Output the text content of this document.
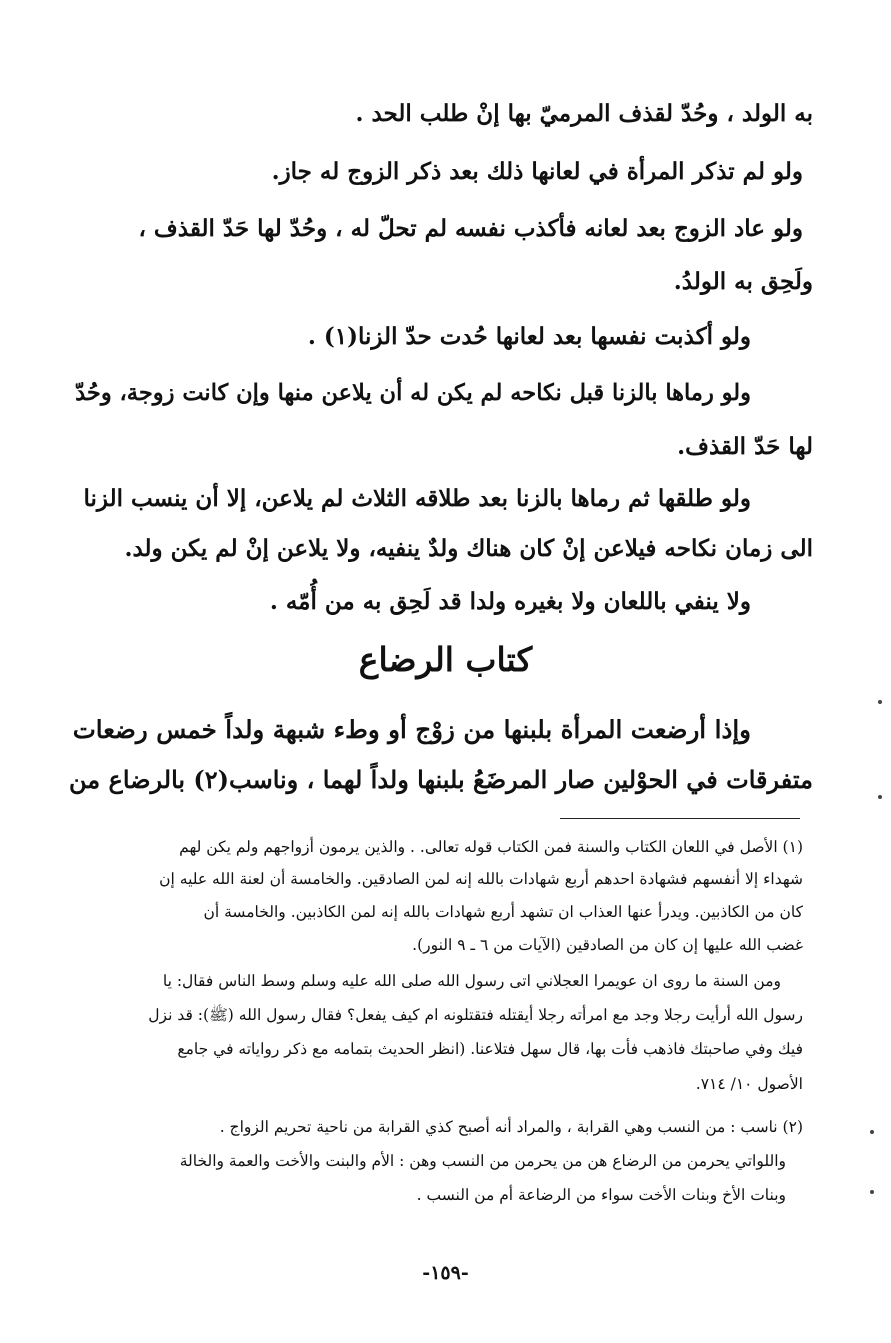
به الولد ، وحُدّ لقذف المرميّ بها إنْ طلب الحد .
ولو لم تذكر المرأة في لعانها ذلك بعد ذكر الزوج له جاز.
ولو عاد الزوج بعد لعانه فأكذب نفسه لم تحلّ له ، وحُدّ لها حَدّ القذف ،
ولَحِق به الولدُ.
ولو أكذبت نفسها بعد لعانها حُدت حدّ الزنا(١) .
ولو رماها بالزنا قبل نكاحه لم يكن له أن يلاعن منها وإن كانت زوجة، وحُدّ
لها حَدّ القذف.
ولو طلقها ثم رماها بالزنا بعد طلاقه الثلاث لم يلاعن، إلا أن ينسب الزنا
الى زمان نكاحه فيلاعن إنْ كان هناك ولدٌ ينفيه، ولا يلاعن إنْ لم يكن ولد.
ولا ينفي باللعان ولا بغيره ولدا قد لَحِق به من أُمّه .
كتاب الرضاع
وإذا أرضعت المرأة بلبنها من زوْج أو وطء شبهة ولداً خمس رضعات
متفرقات في الحوْلين صار المرضَعُ بلبنها ولداً لهما ، وناسب(٢) بالرضاع من
(١) الأصل في اللعان الكتاب والسنة فمن الكتاب قوله تعالى. . والذين يرمون أزواجهم ولم يكن لهم
شهداء إلا أنفسهم فشهادة احدهم أربع شهادات بالله إنه لمن الصادقين. والخامسة أن لعنة الله عليه إن
كان من الكاذبين. ويدرأ عنها العذاب ان تشهد أربع شهادات بالله إنه لمن الكاذبين. والخامسة أن
غضب الله عليها إن كان من الصادقين (الآيات من ٦ ـ ٩ النور).
ومن السنة ما روى ان عويمرا العجلاني اتى رسول الله صلى الله عليه وسلم وسط الناس فقال: يا
رسول الله أرأيت رجلا وجد مع امرأته رجلا أيقتله فتقتلونه ام كيف يفعل؟ فقال رسول الله (ﷺ): قد نزل
فيك وفي صاحبتك فاذهب فأت بها، قال سهل فتلاعنا. (انظر الحديث بتمامه مع ذكر رواياته في جامع
الأصول ١٠/ ٧١٤.
(٢) ناسب : من النسب وهي القرابة ، والمراد أنه أصبح كذي القرابة من ناحية تحريم الزواج .
واللواتي يحرمن من الرضاع هن من يحرمن من النسب وهن : الأم والبنت والأخت والعمة والخالة
وبنات الأخ وبنات الأخت سواء من الرضاعة أم من النسب .
-١٥٩-
